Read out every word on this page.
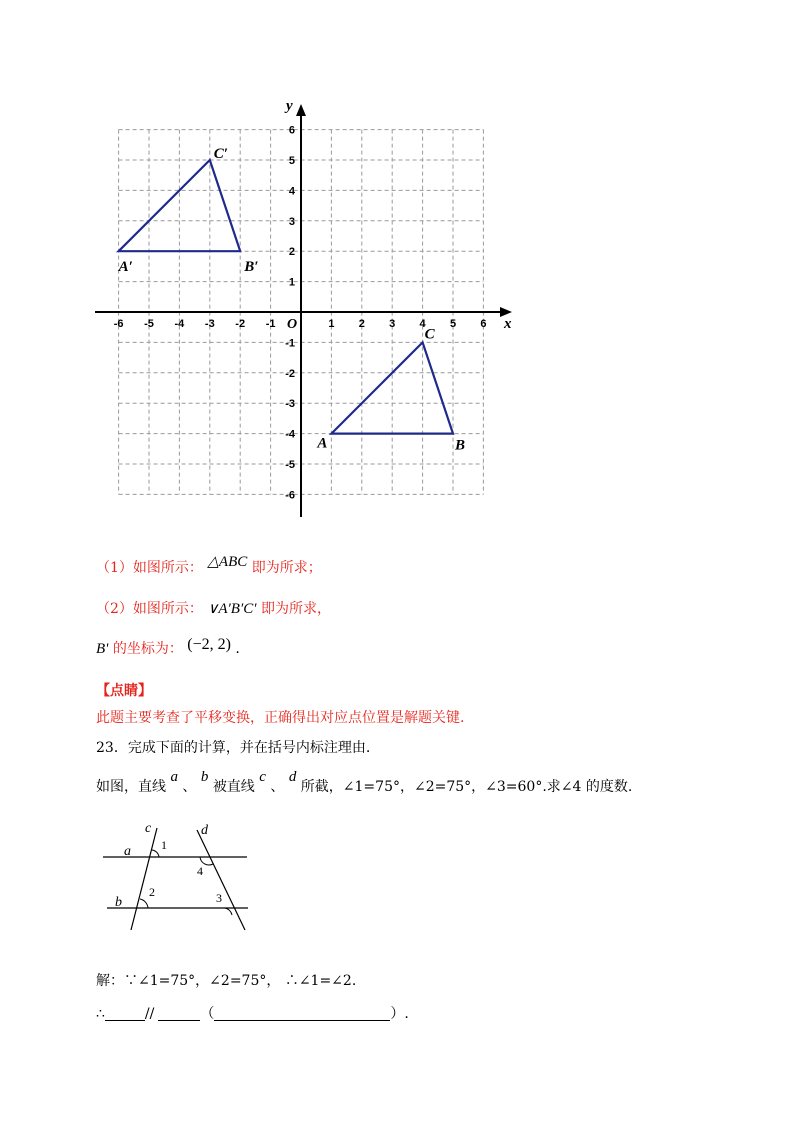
x
y
O
-6 -5 -4 -3 -2 -1	1 2 3 4 5 6
6
5
4
3
2
1
-1
-2
-3
-4
-5
-6
A	B
C
A′	B′
C′
（1）如图所示： △ABC 即为所求；
（2）如图所示： ∨A′B′C′ 即为所求，
B' 的坐标为： (−2, 2) .
【点睛】
此题主要考查了平移变换，正确得出对应点位置是解题关键.
23．完成下面的计算，并在括号内标注理由.
如图，直线 a 、 b 被直线 c 、 d 所截，∠1=75°，∠2=75°，∠3=60°.求∠4 的度数.
c	d
a
b
1
2	3
4
解：∵∠1=75°，∠2=75°， ∴∠1=∠2.
∴	//	（	）.
